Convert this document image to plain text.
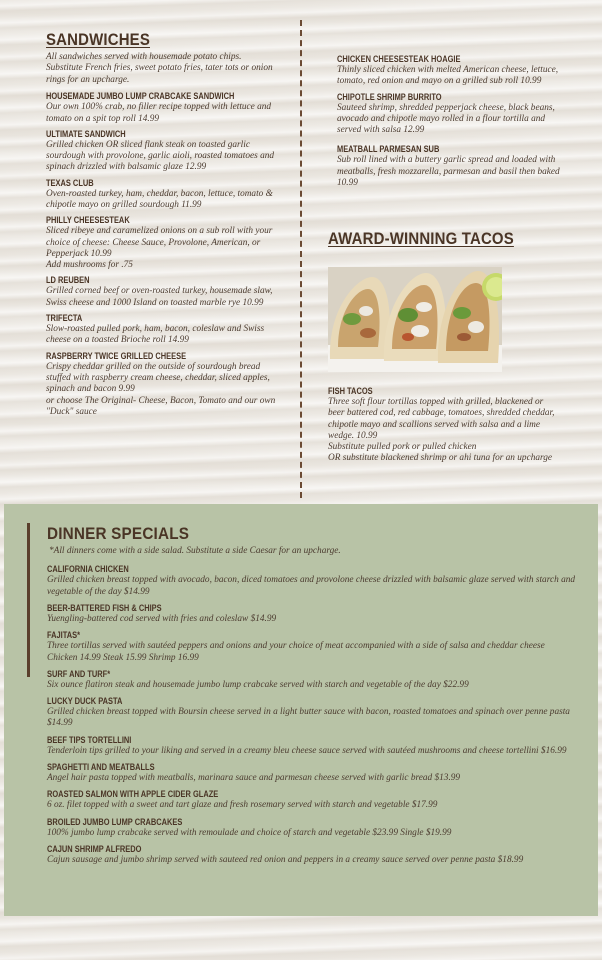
SANDWICHES
All sandwiches served with housemade potato chips. Substitute French fries, sweet potato fries, tater tots or onion rings for an upcharge.
HOUSEMADE JUMBO LUMP CRABCAKE SANDWICH
Our own 100% crab, no filler recipe topped with lettuce and tomato on a spit top roll 14.99
ULTIMATE SANDWICH
Grilled chicken OR sliced flank steak on toasted garlic sourdough with provolone, garlic aioli, roasted tomatoes and spinach drizzled with balsamic glaze 12.99
TEXAS CLUB
Oven-roasted turkey, ham, cheddar, bacon, lettuce, tomato & chipotle mayo on grilled sourdough 11.99
PHILLY CHEESESTEAK
Sliced ribeye and caramelized onions on a sub roll with your choice of cheese: Cheese Sauce, Provolone, American, or Pepperjack 10.99
Add mushrooms for .75
LD REUBEN
Grilled corned beef or oven-roasted turkey, housemade slaw, Swiss cheese and 1000 Island on toasted marble rye 10.99
TRIFECTA
Slow-roasted pulled pork, ham, bacon, coleslaw and Swiss cheese on a toasted Brioche roll 14.99
RASPBERRY TWICE GRILLED CHEESE
Crispy cheddar grilled on the outside of sourdough bread stuffed with raspberry cream cheese, cheddar, sliced apples, spinach and bacon 9.99
or choose The Original- Cheese, Bacon, Tomato and our own "Duck" sauce
CHICKEN CHEESESTEAK HOAGIE
Thinly sliced chicken with melted American cheese, lettuce, tomato, red onion and mayo on a grilled sub roll 10.99
CHIPOTLE SHRIMP BURRITO
Sauteed shrimp, shredded pepperjack cheese, black beans, avocado and chipotle mayo rolled in a flour tortilla and served with salsa 12.99
MEATBALL PARMESAN SUB
Sub roll lined with a buttery garlic spread and loaded with meatballs, fresh mozzarella, parmesan and basil then baked 10.99
AWARD-WINNING TACOS
FISH TACOS
Three soft flour tortillas topped with grilled, blackened or beer battered cod, red cabbage, tomatoes, shredded cheddar, chipotle mayo and scallions served with salsa and a lime wedge. 10.99
Substitute pulled pork or pulled chicken
OR substitute blackened shrimp or ahi tuna for an upcharge
DINNER SPECIALS
*All dinners come with a side salad. Substitute a side Caesar for an upcharge.
CALIFORNIA CHICKEN
Grilled chicken breast topped with avocado, bacon, diced tomatoes and provolone cheese drizzled with balsamic glaze served with starch and vegetable of the day $14.99
BEER-BATTERED FISH & CHIPS
Yuengling-battered cod served with fries and coleslaw $14.99
FAJITAS*
Three tortillas served with sautéed peppers and onions and your choice of meat accompanied with a side of salsa and cheddar cheese Chicken 14.99 Steak 15.99 Shrimp 16.99
SURF AND TURF*
Six ounce flatiron steak and housemade jumbo lump crabcake served with starch and vegetable of the day $22.99
LUCKY DUCK PASTA
Grilled chicken breast topped with Boursin cheese served in a light butter sauce with bacon, roasted tomatoes and spinach over penne pasta $14.99
BEEF TIPS TORTELLINI
Tenderloin tips grilled to your liking and served in a creamy bleu cheese sauce served with sautéed mushrooms and cheese tortellini $16.99
SPAGHETTI AND MEATBALLS
Angel hair pasta topped with meatballs, marinara sauce and parmesan cheese served with garlic bread $13.99
ROASTED SALMON WITH APPLE CIDER GLAZE
6 oz. filet topped with a sweet and tart glaze and fresh rosemary served with starch and vegetable $17.99
BROILED JUMBO LUMP CRABCAKES
100% jumbo lump crabcake served with remoulade and choice of starch and vegetable $23.99 Single $19.99
CAJUN SHRIMP ALFREDO
Cajun sausage and jumbo shrimp served with sauteed red onion and peppers in a creamy sauce served over penne pasta $18.99
